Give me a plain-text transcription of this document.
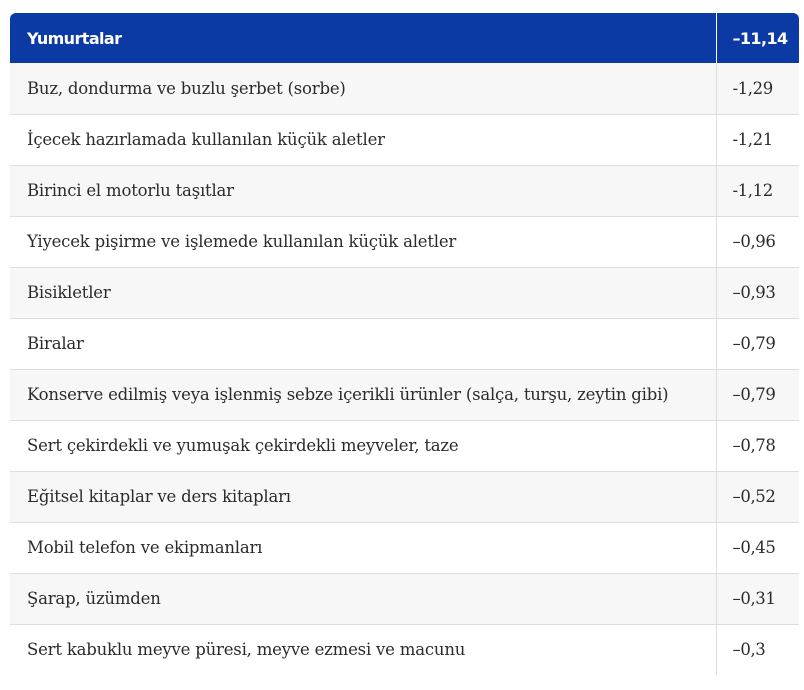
Yumurtalar	–11,14
Buz, dondurma ve buzlu şerbet (sorbe)	-1,29
İçecek hazırlamada kullanılan küçük aletler	-1,21
Birinci el motorlu taşıtlar	-1,12
Yiyecek pişirme ve işlemede kullanılan küçük aletler	–0,96
Bisikletler	–0,93
Biralar	–0,79
Konserve edilmiş veya işlenmiş sebze içerikli ürünler (salça, turşu, zeytin gibi)	–0,79
Sert çekirdekli ve yumuşak çekirdekli meyveler, taze	–0,78
Eğitsel kitaplar ve ders kitapları	–0,52
Mobil telefon ve ekipmanları	–0,45
Şarap, üzümden	–0,31
Sert kabuklu meyve püresi, meyve ezmesi ve macunu	–0,3
